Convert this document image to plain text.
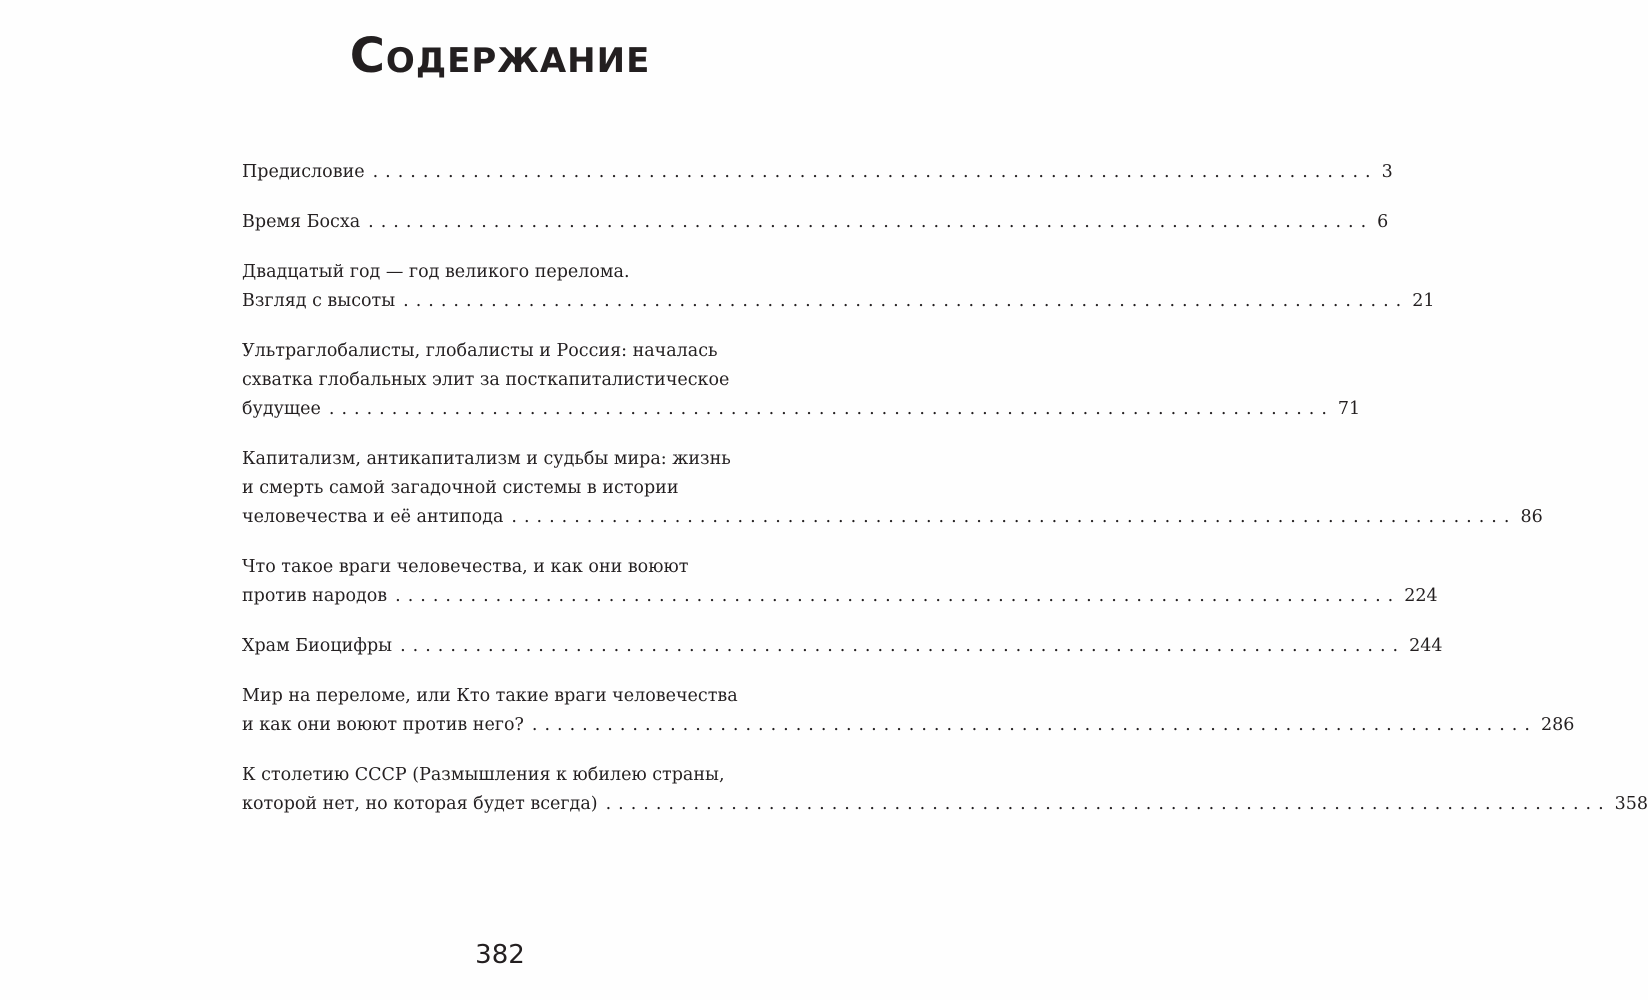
Содержание
Предисловие ................................................................................ 3
Время Босха ................................................................................ 6
Двадцатый год — год великого перелома.
Взгляд с высоты ................................................................................ 21
Ультраглобалисты, глобалисты и Россия: началась
схватка глобальных элит за посткапиталистическое
будущее ................................................................................ 71
Капитализм, антикапитализм и судьбы мира: жизнь
и смерть самой загадочной системы в истории
человечества и её антипода ................................................................................ 86
Что такое враги человечества, и как они воюют
против народов ................................................................................ 224
Храм Биоцифры ................................................................................ 244
Мир на переломе, или Кто такие враги человечества
и как они воюют против него? ................................................................................ 286
К столетию СССР (Размышления к юбилею страны,
которой нет, но которая будет всегда) ................................................................................ 358
382
